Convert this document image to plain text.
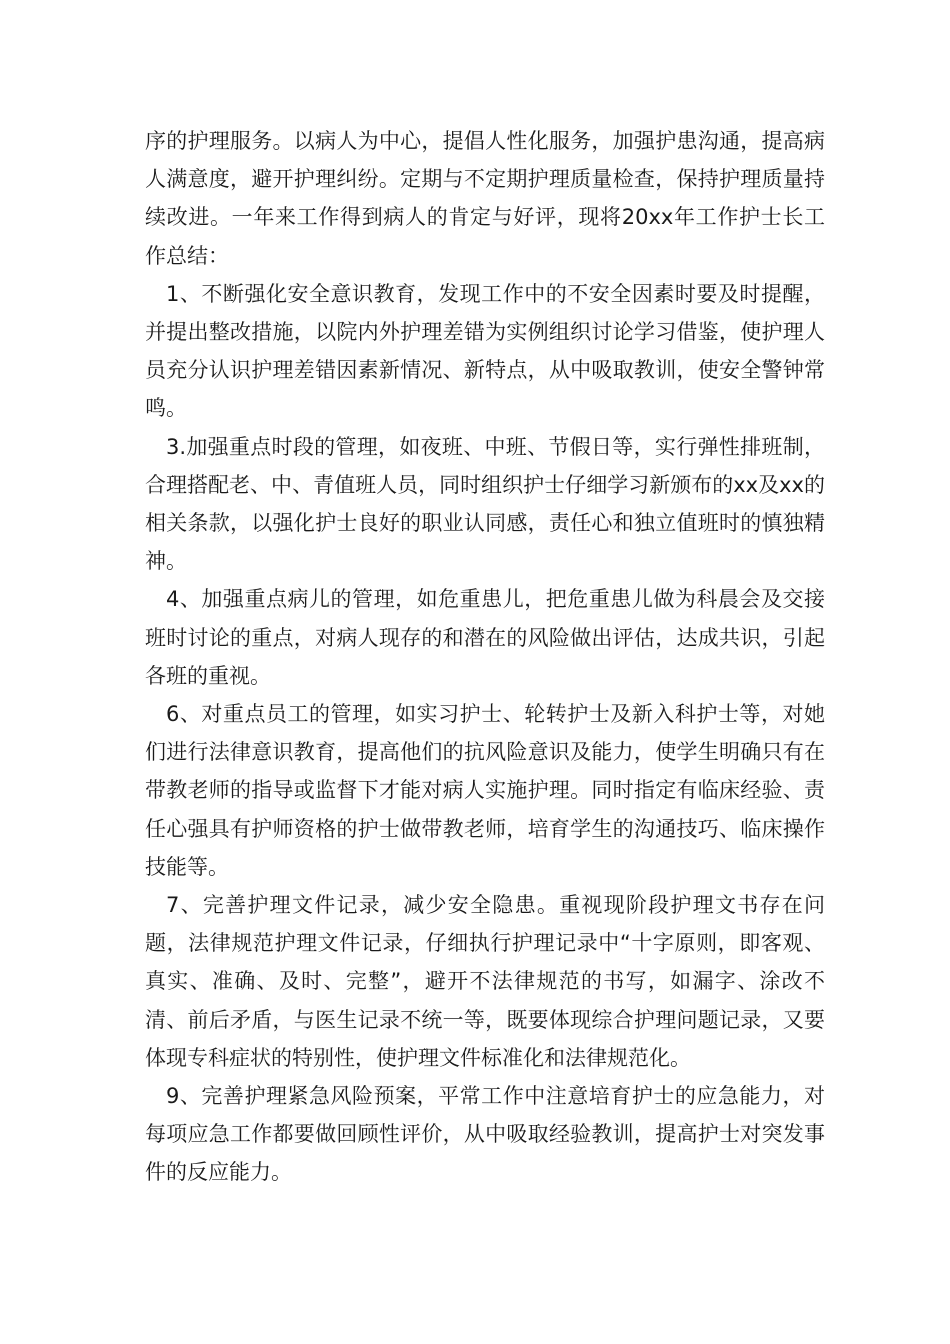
序的护理服务。以病人为中心，提倡人性化服务，加强护患沟通，提高病人满意度，避开护理纠纷。定期与不定期护理质量检查，保持护理质量持续改进。一年来工作得到病人的肯定与好评，现将20xx年工作护士长工作总结：

1、不断强化安全意识教育，发现工作中的不安全因素时要及时提醒，并提出整改措施，以院内外护理差错为实例组织讨论学习借鉴，使护理人员充分认识护理差错因素新情况、新特点，从中吸取教训，使安全警钟常鸣。

3.加强重点时段的管理，如夜班、中班、节假日等，实行弹性排班制，合理搭配老、中、青值班人员，同时组织护士仔细学习新颁布的xx及xx的相关条款，以强化护士良好的职业认同感，责任心和独立值班时的慎独精神。

4、加强重点病儿的管理，如危重患儿，把危重患儿做为科晨会及交接班时讨论的重点，对病人现存的和潜在的风险做出评估，达成共识，引起各班的重视。

6、对重点员工的管理，如实习护士、轮转护士及新入科护士等，对她们进行法律意识教育，提高他们的抗风险意识及能力，使学生明确只有在带教老师的指导或监督下才能对病人实施护理。同时指定有临床经验、责任心强具有护师资格的护士做带教老师，培育学生的沟通技巧、临床操作技能等。

7、完善护理文件记录，减少安全隐患。重视现阶段护理文书存在问题，法律规范护理文件记录，仔细执行护理记录中“十字原则，即客观、真实、准确、及时、完整”，避开不法律规范的书写，如漏字、涂改不清、前后矛盾，与医生记录不统一等，既要体现综合护理问题记录，又要体现专科症状的特别性，使护理文件标准化和法律规范化。

9、完善护理紧急风险预案，平常工作中注意培育护士的应急能力，对每项应急工作都要做回顾性评价，从中吸取经验教训，提高护士对突发事件的反应能力。
